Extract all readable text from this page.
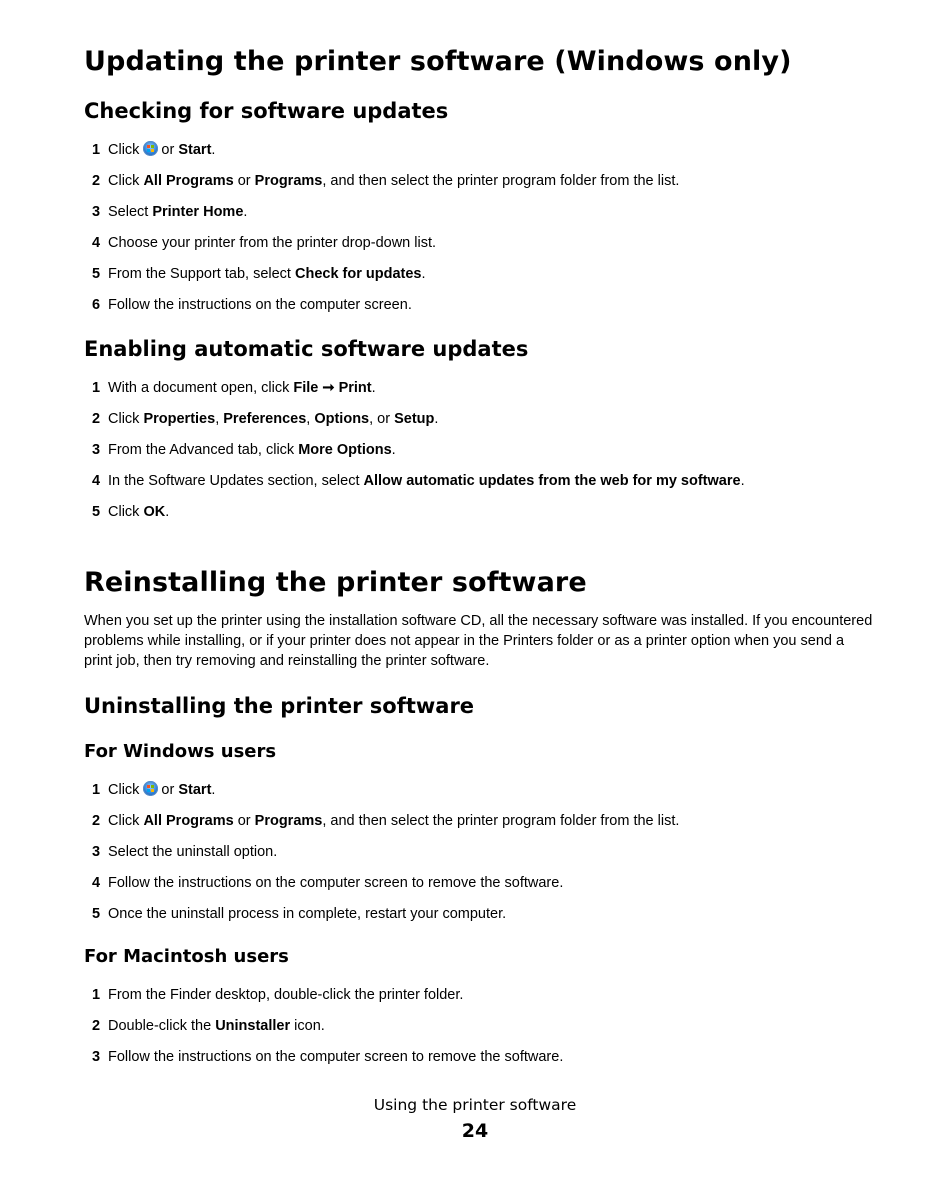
Updating the printer software (Windows only)
Checking for software updates
1 Click or Start.
2 Click All Programs or Programs, and then select the printer program folder from the list.
3 Select Printer Home.
4 Choose your printer from the printer drop-down list.
5 From the Support tab, select Check for updates.
6 Follow the instructions on the computer screen.
Enabling automatic software updates
1 With a document open, click File ➞ Print.
2 Click Properties, Preferences, Options, or Setup.
3 From the Advanced tab, click More Options.
4 In the Software Updates section, select Allow automatic updates from the web for my software.
5 Click OK.
Reinstalling the printer software

When you set up the printer using the installation software CD, all the necessary software was installed. If you encountered problems while installing, or if your printer does not appear in the Printers folder or as a printer option when you send a print job, then try removing and reinstalling the printer software.

Uninstalling the printer software
For Windows users
1 Click or Start.
2 Click All Programs or Programs, and then select the printer program folder from the list.
3 Select the uninstall option.
4 Follow the instructions on the computer screen to remove the software.
5 Once the uninstall process in complete, restart your computer.
For Macintosh users
1 From the Finder desktop, double-click the printer folder.
2 Double-click the Uninstaller icon.
3 Follow the instructions on the computer screen to remove the software.
Using the printer software
24
